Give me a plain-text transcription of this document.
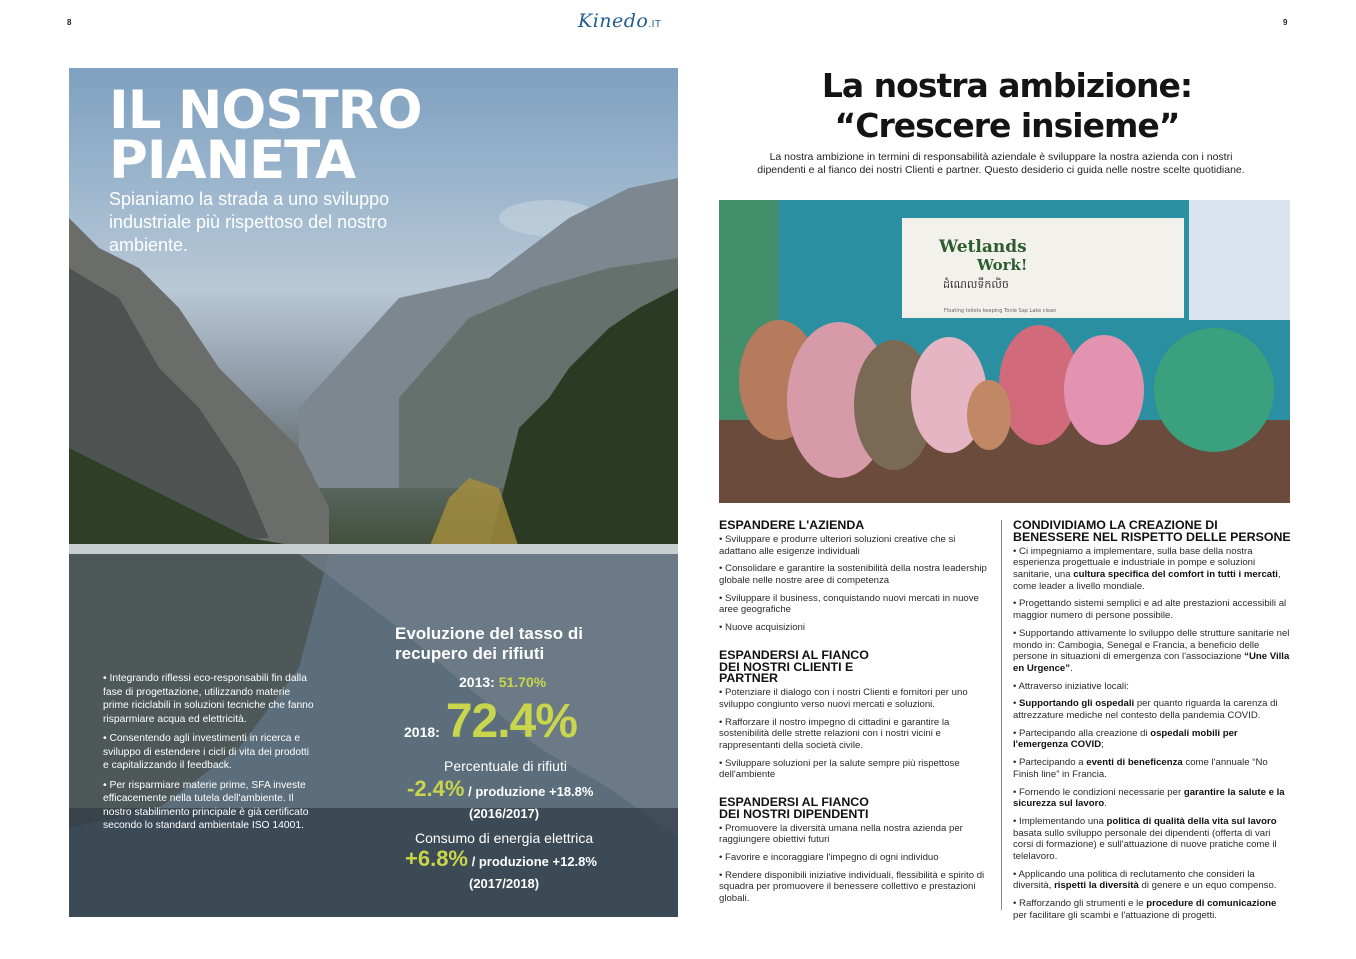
8	9
Kinedo.IT
IL NOSTRO
PIANETA
Spianiamo la strada a uno sviluppo industriale più rispettoso del nostro ambiente.

• Integrando riflessi eco-responsabili fin dalla fase di progettazione, utilizzando materie prime riciclabili in soluzioni tecniche che fanno risparmiare acqua ed elettricità.

• Consentendo agli investimenti in ricerca e sviluppo di estendere i cicli di vita dei prodotti e capitalizzando il feedback.

• Per risparmiare materie prime, SFA investe efficacemente nella tutela dell'ambiente. Il nostro stabilimento principale è già certificato secondo lo standard ambientale ISO 14001.

Evoluzione del tasso di recupero dei rifiuti
2013: 51.70%
2018: 72.4%
Percentuale di rifiuti
-2.4% / produzione +18.8%
(2016/2017)
Consumo di energia elettrica
+6.8% / produzione +12.8%
(2017/2018)
La nostra ambizione:
“Crescere insieme”
La nostra ambizione in termini di responsabilità aziendale è sviluppare la nostra azienda con i nostri dipendenti e al fianco dei nostri Clienti e partner. Questo desiderio ci guida nelle nostre scelte quotidiane.
Wetlands
Work!
ដំណេលទឹកលិច
Floating toilets keeping Tonle Sap Lake clean
ESPANDERE L'AZIENDA

• Sviluppare e produrre ulteriori soluzioni creative che si adattano alle esigenze individuali

• Consolidare e garantire la sostenibilità della nostra leadership globale nelle nostre aree di competenza

• Sviluppare il business, conquistando nuovi mercati in nuove aree geografiche

• Nuove acquisizioni

ESPANDERSI AL FIANCO DEI NOSTRI CLIENTI E PARTNER

• Potenziare il dialogo con i nostri Clienti e fornitori per uno sviluppo congiunto verso nuovi mercati e soluzioni.

• Rafforzare il nostro impegno di cittadini e garantire la sostenibilità delle strette relazioni con i nostri vicini e rappresentanti della società civile.

• Sviluppare soluzioni per la salute sempre più rispettose dell'ambiente

ESPANDERSI AL FIANCO DEI NOSTRI DIPENDENTI

• Promuovere la diversità umana nella nostra azienda per raggiungere obiettivi futuri

• Favorire e incoraggiare l'impegno di ogni individuo

• Rendere disponibili iniziative individuali, flessibilità e spirito di squadra per promuovere il benessere collettivo e prestazioni globali.

CONDIVIDIAMO LA CREAZIONE DI BENESSERE NEL RISPETTO DELLE PERSONE

• Ci impegniamo a implementare, sulla base della nostra esperienza progettuale e industriale in pompe e soluzioni sanitarie, una cultura specifica del comfort in tutti i mercati, come leader a livello mondiale.

• Progettando sistemi semplici e ad alte prestazioni accessibili al maggior numero di persone possibile.

• Supportando attivamente lo sviluppo delle strutture sanitarie nel mondo in: Cambogia, Senegal e Francia, a beneficio delle persone in situazioni di emergenza con l'associazione “Une Villa en Urgence”.

• Attraverso iniziative locali:

• Supportando gli ospedali per quanto riguarda la carenza di attrezzature mediche nel contesto della pandemia COVID.

• Partecipando alla creazione di ospedali mobili per l'emergenza COVID;

• Partecipando a eventi di beneficenza come l'annuale “No Finish line” in Francia.

• Fornendo le condizioni necessarie per garantire la salute e la sicurezza sul lavoro.

• Implementando una politica di qualità della vita sul lavoro basata sullo sviluppo personale dei dipendenti (offerta di vari corsi di formazione) e sull'attuazione di nuove pratiche come il telelavoro.

• Applicando una politica di reclutamento che consideri la diversità, rispetti la diversità di genere e un equo compenso.

• Rafforzando gli strumenti e le procedure di comunicazione per facilitare gli scambi e l'attuazione di progetti.
